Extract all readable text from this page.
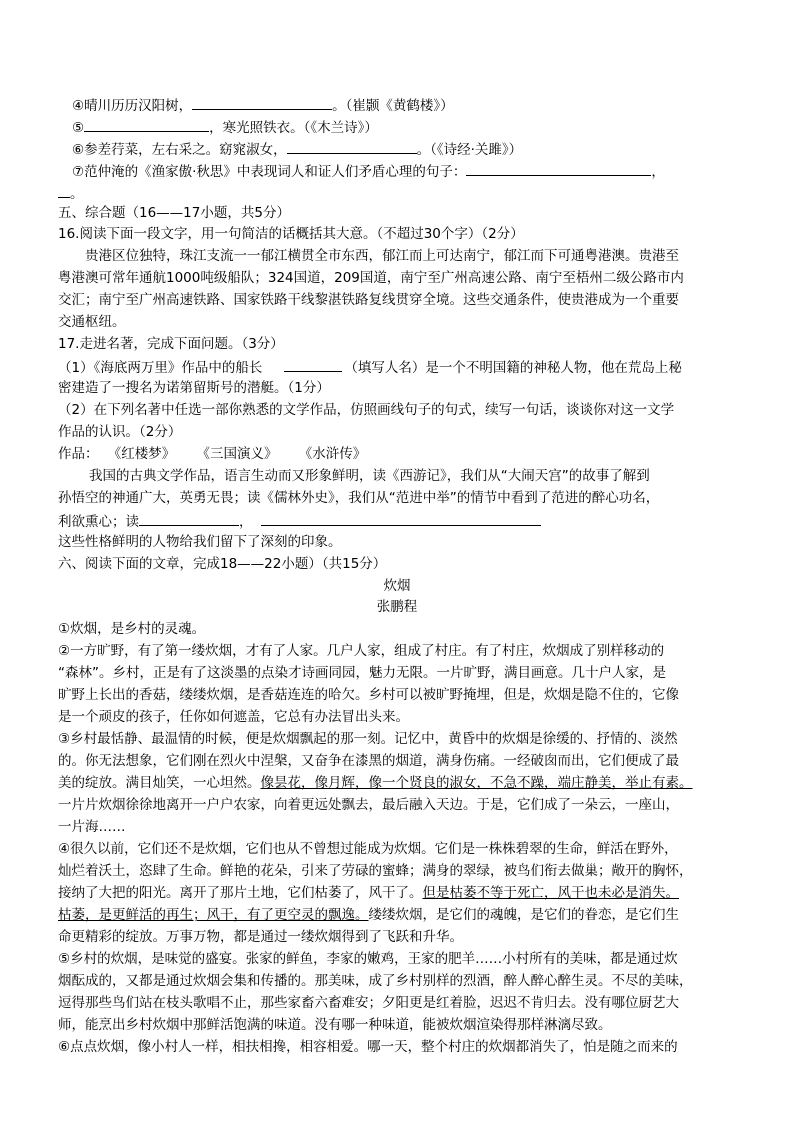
④晴川历历汉阳树，	。（崔颢《黄鹤楼》）
⑤	，寒光照铁衣。（《木兰诗》）
⑥参差荇菜，左右采之。窈窕淑女，	。（《诗经·关雎》）
⑦范仲淹的《渔家傲·秋思》中表现词人和证人们矛盾心理的句子：	，
。
五、综合题（16——17小题，共5分）
16.阅读下面一段文字，用一句简洁的话概括其大意。（不超过30个字）（2分）
贵港区位独特，珠江支流一一郁江横贯全市东西，郁江而上可达南宁，郁江而下可通粤港澳。贵港至
粤港澳可常年通航1000吨级船队；324国道，209国道，南宁至广州高速公路、南宁至梧州二级公路市内
交汇；南宁至广州高速铁路、国家铁路干线黎湛铁路复线贯穿全境。这些交通条件，使贵港成为一个重要
交通枢纽。
17.走进名著，完成下面问题。（3分）
（1）《海底两万里》作品中的船长	（填写人名）是一个不明国籍的神秘人物，他在荒岛上秘
密建造了一搜名为诺第留斯号的潜艇。（1分）
（2）在下列名著中任选一部你熟悉的文学作品，仿照画线句子的句式，续写一句话，谈谈你对这一文学
作品的认识。（2分）
作品： 《红楼梦》 《三国演义》 《水浒传》
我国的古典文学作品，语言生动而又形象鲜明，读《西游记》，我们从“大闹天宫”的故事了解到
孙悟空的神通广大，英勇无畏；读《儒林外史》，我们从“范进中举”的情节中看到了范进的醉心功名，
利欲熏心；读	，
这些性格鲜明的人物给我们留下了深刻的印象。
六、阅读下面的文章，完成18——22小题）（共15分）
炊烟
张鹏程
①炊烟，是乡村的灵魂。
②一方旷野，有了第一缕炊烟，才有了人家。几户人家，组成了村庄。有了村庄，炊烟成了别样移动的
“森林”。乡村，正是有了这淡墨的点染才诗画同园，魅力无限。一片旷野，满目画意。几十户人家，是
旷野上长出的香菇，缕缕炊烟，是香菇连连的哈欠。乡村可以被旷野掩埋，但是，炊烟是隐不住的，它像
是一个顽皮的孩子，任你如何遮盖，它总有办法冒出头来。
③乡村最恬静、最温情的时候，便是炊烟飘起的那一刻。记忆中，黄昏中的炊烟是徐缓的、抒情的、淡然
的。你无法想象，它们刚在烈火中涅槃，又奋争在漆黑的烟道，满身伤痛。一经破囱而出，它们便成了最
美的绽放。满目灿笑，一心坦然。像昙花，像月辉，像一个贤良的淑女，不急不躁，端庄静美，举止有素。
一片片炊烟徐徐地离开一户户农家，向着更远处飘去，最后融入天边。于是，它们成了一朵云，一座山，
一片海……
④很久以前，它们还不是炊烟，它们也从不曾想过能成为炊烟。它们是一株株碧翠的生命，鲜活在野外，
灿烂着沃土，恣肆了生命。鲜艳的花朵，引来了劳碌的蜜蜂；满身的翠绿，被鸟们衔去做巢；敞开的胸怀，
接纳了大把的阳光。离开了那片土地，它们枯萎了，风干了。但是枯萎不等于死亡，风干也未必是消失。
枯萎，是更鲜活的再生；风干，有了更空灵的飘逸。缕缕炊烟，是它们的魂魄，是它们的眷恋，是它们生
命更精彩的绽放。万事万物，都是通过一缕炊烟得到了飞跃和升华。
⑤乡村的炊烟，是味觉的盛宴。张家的鲜鱼，李家的嫩鸡，王家的肥羊……小村所有的美味，都是通过炊
烟酝成的，又都是通过炊烟会集和传播的。那美味，成了乡村别样的烈酒，醉人醉心醉生灵。不尽的美味，
逗得那些鸟们站在枝头歌唱不止，那些家畜六畜难安；夕阳更是红着脸，迟迟不肯归去。没有哪位厨艺大
师，能烹出乡村炊烟中那鲜活饱满的味道。没有哪一种味道，能被炊烟渲染得那样淋漓尽致。
⑥点点炊烟，像小村人一样，相扶相搀，相容相爱。哪一天，整个村庄的炊烟都消失了，怕是随之而来的
